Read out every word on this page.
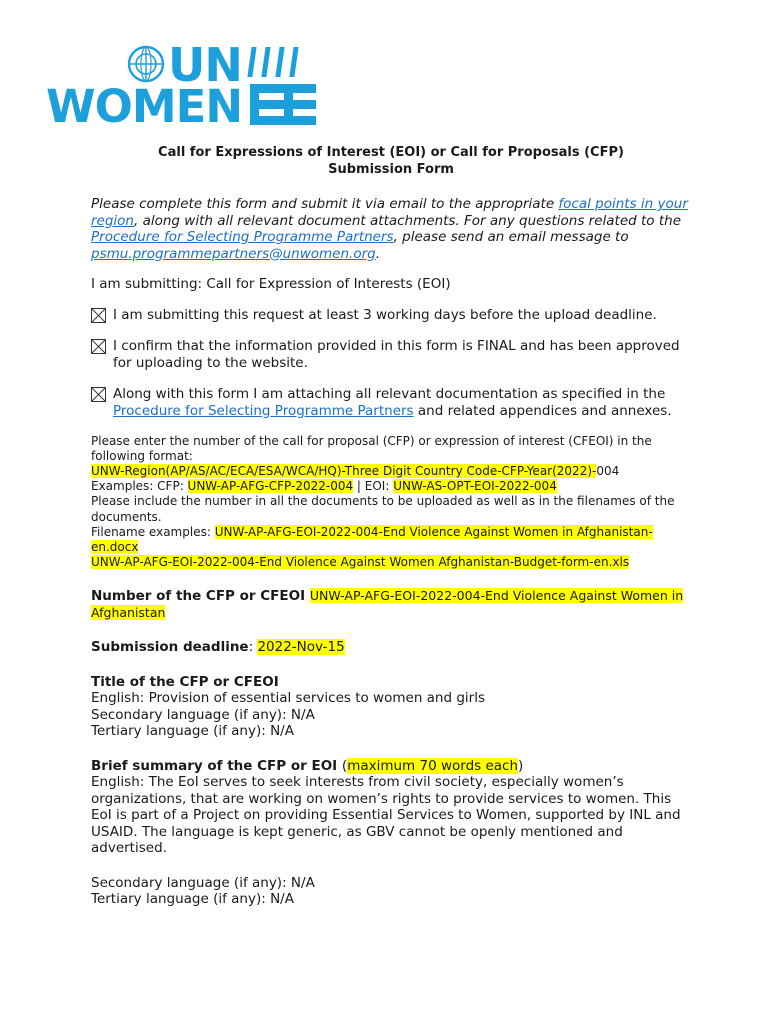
UN
WOMEN
Call for Expressions of Interest (EOI) or Call for Proposals (CFP)
Submission Form

Please complete this form and submit it via email to the appropriate focal points in your region, along with all relevant document attachments. For any questions related to the Procedure for Selecting Programme Partners, please send an email message to psmu.programmepartners@unwomen.org.

I am submitting: Call for Expression of Interests (EOI)

I am submitting this request at least 3 working days before the upload deadline.
I confirm that the information provided in this form is FINAL and has been approved for uploading to the website.
Along with this form I am attaching all relevant documentation as specified in the Procedure for Selecting Programme Partners and related appendices and annexes.
Please enter the number of the call for proposal (CFP) or expression of interest (CFEOI) in the following format:
UNW-Region(AP/AS/AC/ECA/ESA/WCA/HQ)-Three Digit Country Code-CFP-Year(2022)-004
Examples: CFP: UNW-AP-AFG-CFP-2022-004 | EOI: UNW-AS-OPT-EOI-2022-004
Please include the number in all the documents to be uploaded as well as in the filenames of the documents.
Filename examples: UNW-AP-AFG-EOI-2022-004-End Violence Against Women in Afghanistan-en.docx
UNW-AP-AFG-EOI-2022-004-End Violence Against Women Afghanistan-Budget-form-en.xls
Number of the CFP or CFEOI UNW-AP-AFG-EOI-2022-004-End Violence Against Women in Afghanistan
Submission deadline: 2022-Nov-15
Title of the CFP or CFEOI
English: Provision of essential services to women and girls
Secondary language (if any): N/A
Tertiary language (if any): N/A
Brief summary of the CFP or EOI (maximum 70 words each)
English: The EoI serves to seek interests from civil society, especially women’s organizations, that are working on women’s rights to provide services to women. This EoI is part of a Project on providing Essential Services to Women, supported by INL and USAID. The language is kept generic, as GBV cannot be openly mentioned and advertised.
Secondary language (if any): N/A
Tertiary language (if any): N/A
